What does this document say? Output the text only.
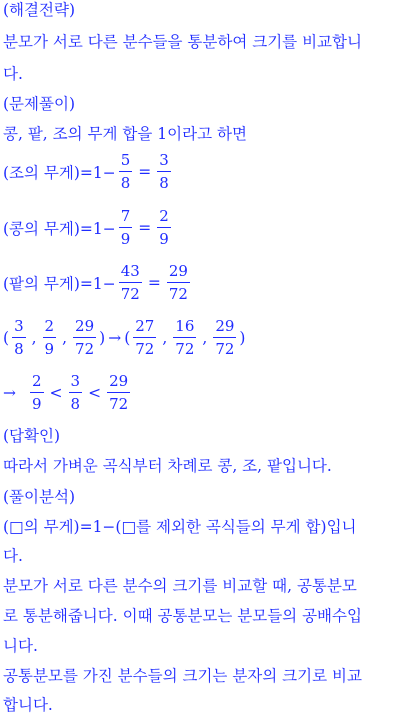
(해결전략)
분모가 서로 다른 분수들을 통분하여 크기를 비교합니
다.
(문제풀이)
콩, 팥, 조의 무게 합을 1이라고 하면
(조의 무게)$=1- \frac{5}{8} = \frac{3}{8}$
(콩의 무게)$=1- \frac{7}{9} = \frac{2}{9}$
(팥의 무게)$=1- \frac{43}{72} = \frac{29}{72}$
( $\frac{3}{8}$ , $\frac{2}{9}$ , $\frac{29}{72}$ ) → ( $\frac{27}{72}$ , $\frac{16}{72}$ , $\frac{29}{72}$ )
→ $\frac{2}{9} < \frac{3}{8} < \frac{29}{72}$
(답확인)
따라서 가벼운 곡식부터 차례로 콩, 조, 팥입니다.
(풀이분석)
(□의 무게)=1−(□를 제외한 곡식들의 무게 합)입니
다.
분모가 서로 다른 분수의 크기를 비교할 때, 공통분모
로 통분해줍니다. 이때 공통분모는 분모들의 공배수입
니다.
공통분모를 가진 분수들의 크기는 분자의 크기로 비교
합니다.
